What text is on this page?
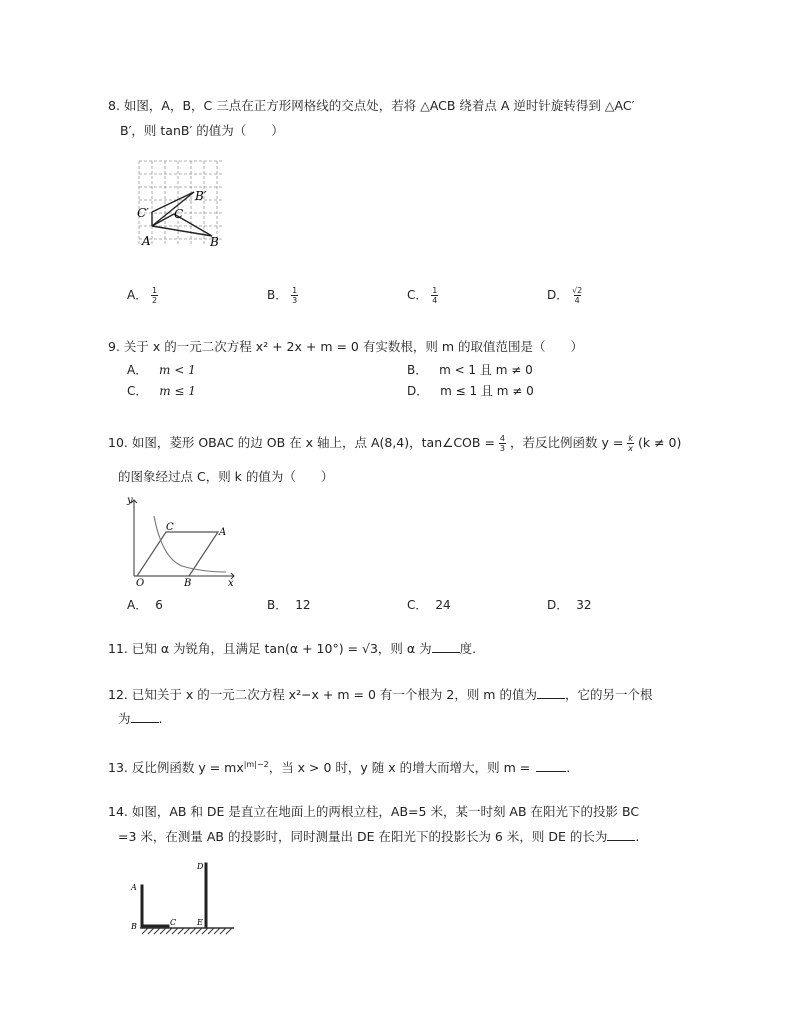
8. 如图，A，B，C 三点在正方形网格线的交点处，若将 △ACB 绕着点 A 逆时针旋转得到 △AC′
B′，则 tanB′ 的值为（　　）
A	B
C
C′
B′
A． $\frac{1}{2}$	B． $\frac{1}{3}$	C． $\frac{1}{4}$	D． $\frac{√2}{4}$
9. 关于 x 的一元二次方程 x² + 2x + m = 0 有实数根，则 m 的取值范围是（　　）
A． m < 1	B． m < 1 且 m ≠ 0
C． m ≤ 1	D． m ≤ 1 且 m ≠ 0
10. 如图，菱形 OBAC 的边 OB 在 x 轴上，点 A(8,4)，tan∠COB = $\frac{4}{3}$ ，若反比例函数 $y = \frac{k}{x} (k \ne 0)$
的图象经过点 C，则 k 的值为（　　）
y
x
O	B
C	A
A． 6	B． 12	C． 24	D． 32
11. 已知 α 为锐角，且满足 tan(α + 10°) = √3，则 α 为 度.
12. 已知关于 x 的一元二次方程 x²−x + m = 0 有一个根为 2，则 m 的值为 ，它的另一个根
为 .
13. 反比例函数 $y = mx^{|m|-2}$，当 x > 0 时，y 随 x 的增大而增大，则 m =	.
14. 如图，AB 和 DE 是直立在地面上的两根立柱，AB=5 米，某一时刻 AB 在阳光下的投影 BC
=3 米，在测量 AB 的投影时，同时测量出 DE 在阳光下的投影长为 6 米，则 DE 的长为 .
A
B	C
D
E
